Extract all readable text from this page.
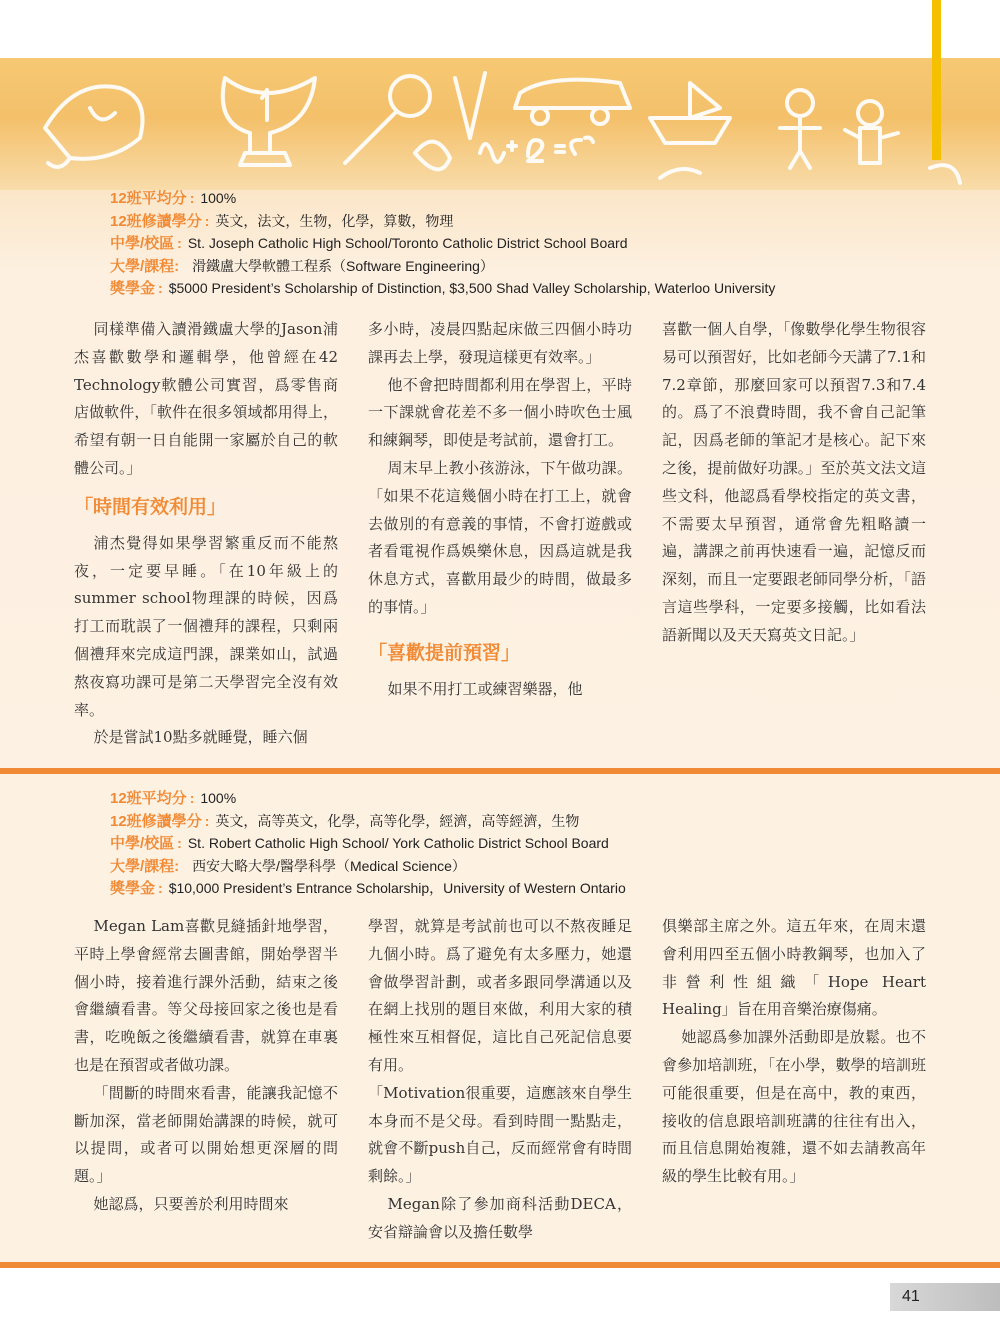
12班平均分 : 100%
12班修讀學分 : 英文，法文，生物，化學，算數，物理
中學/校區 : St. Joseph Catholic High School/Toronto Catholic District School Board
大學/課程: 滑鐵盧大學軟體工程系（Software Engineering）
獎學金 : $5000 President’s Scholarship of Distinction, $3,500 Shad Valley Scholarship, Waterloo University

同樣準備入讀滑鐵盧大學的Jason浦杰喜歡數學和邏輯學，他曾經在42 Technology軟體公司實習，爲零售商店做軟件，「軟件在很多領域都用得上，希望有朝一日自能開一家屬於自己的軟體公司。」

「時間有效利用」

浦杰覺得如果學習繁重反而不能熬夜，一定要早睡。「在10年級上的summer school物理課的時候，因爲打工而耽誤了一個禮拜的課程，只剩兩個禮拜來完成這門課，課業如山，試過熬夜寫功課可是第二天學習完全沒有效率。

於是嘗試10點多就睡覺，睡六個

多小時，凌晨四點起床做三四個小時功課再去上學，發現這樣更有效率。」

他不會把時間都利用在學習上，平時一下課就會花差不多一個小時吹色士風和練鋼琴，即使是考試前，還會打工。

周末早上教小孩游泳，下午做功課。「如果不花這幾個小時在打工上，就會去做別的有意義的事情，不會打遊戲或者看電視作爲娛樂休息，因爲這就是我休息方式，喜歡用最少的時間，做最多的事情。」

「喜歡提前預習」

如果不用打工或練習樂器，他

喜歡一個人自學，「像數學化學生物很容易可以預習好，比如老師今天講了7.1和7.2章節，那麼回家可以預習7.3和7.4的。爲了不浪費時間，我不會自己記筆記，因爲老師的筆記才是核心。記下來之後，提前做好功課。」至於英文法文這些文科，他認爲看學校指定的英文書，不需要太早預習，通常會先粗略讀一遍，講課之前再快速看一遍，記憶反而深刻，而且一定要跟老師同學分析，「語言這些學科，一定要多接觸，比如看法語新聞以及天天寫英文日記。」

12班平均分 : 100%
12班修讀學分 : 英文，高等英文，化學，高等化學，經濟，高等經濟，生物
中學/校區 : St. Robert Catholic High School/ York Catholic District School Board
大學/課程: 西安大略大學/醫學科學（Medical Science）
獎學金 : $10,000 President’s Entrance Scholarship，University of Western Ontario

Megan Lam喜歡見縫插針地學習，平時上學會經常去圖書館，開始學習半個小時，接着進行課外活動，結束之後會繼續看書。等父母接回家之後也是看書，吃晚飯之後繼續看書，就算在車裏也是在預習或者做功課。

「間斷的時間來看書，能讓我記憶不斷加深，當老師開始講課的時候，就可以提問，或者可以開始想更深層的問題。」

她認爲，只要善於利用時間來

學習，就算是考試前也可以不熬夜睡足九個小時。爲了避免有太多壓力，她還會做學習計劃，或者多跟同學溝通以及在網上找別的題目來做，利用大家的積極性來互相督促，這比自己死記信息要有用。

「Motivation很重要，這應該來自學生本身而不是父母。看到時間一點點走，就會不斷push自己，反而經常會有時間剩餘。」

Megan除了參加商科活動DECA，安省辯論會以及擔任數學

俱樂部主席之外。這五年來，在周末還會利用四至五個小時教鋼琴，也加入了非營利性組織「Hope Heart Healing」旨在用音樂治療傷痛。

她認爲參加課外活動即是放鬆。也不會參加培訓班，「在小學，數學的培訓班可能很重要，但是在高中，教的東西，接收的信息跟培訓班講的往往有出入，而且信息開始複雜，還不如去請教高年級的學生比較有用。」

41
